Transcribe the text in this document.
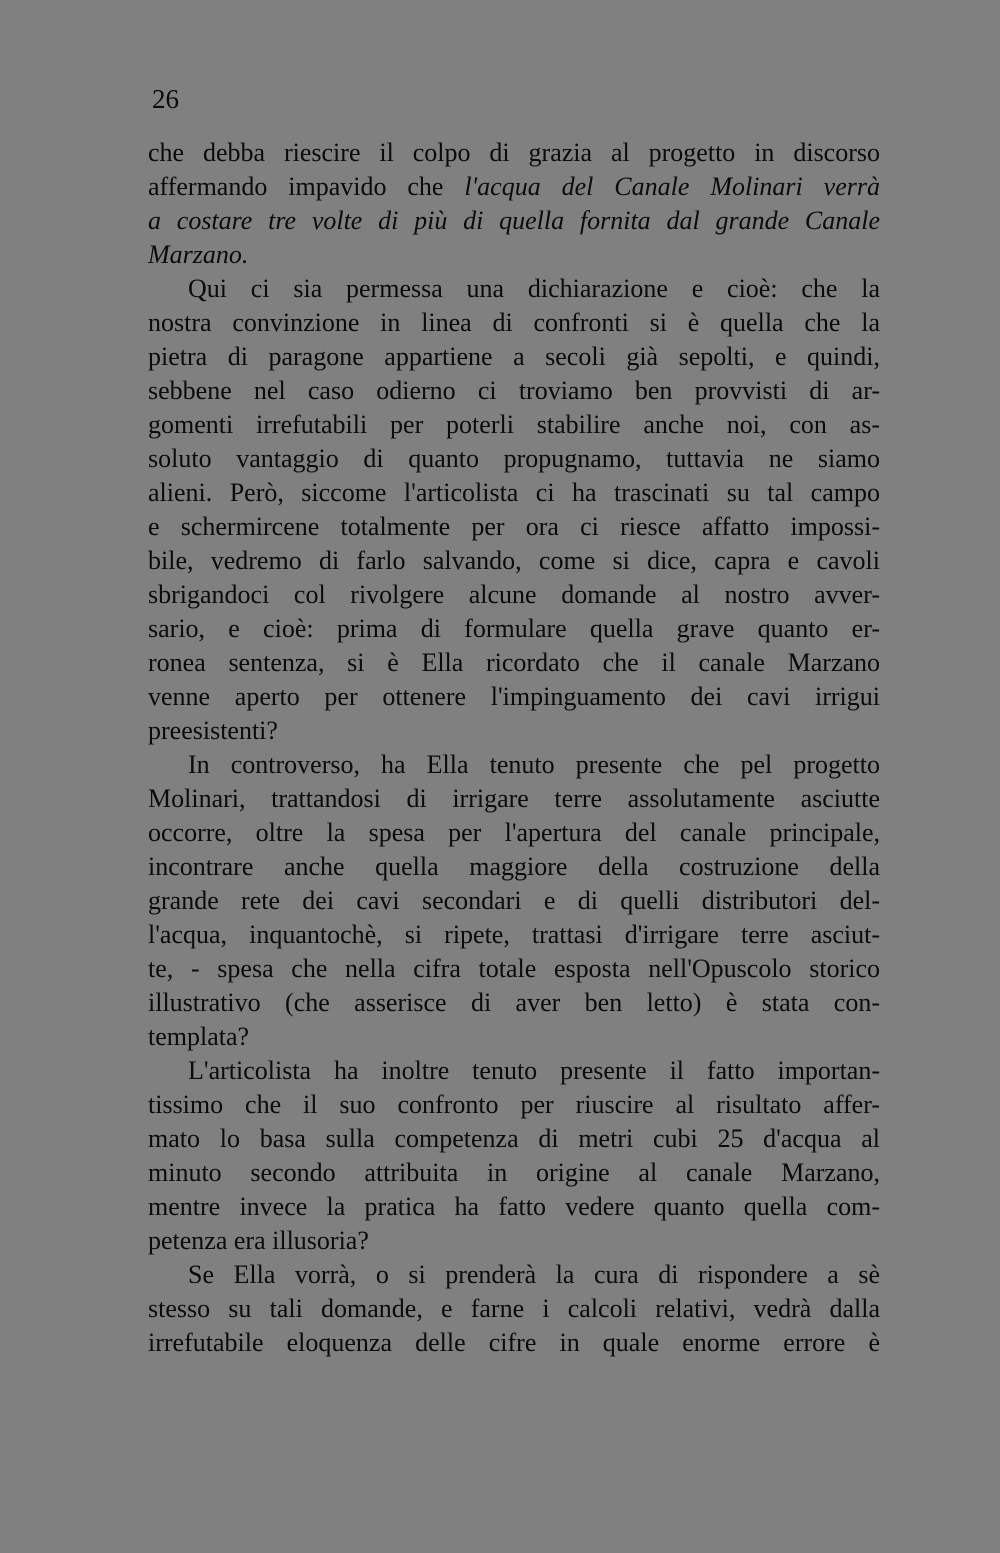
26
che debba riescire il colpo di grazia al progetto in discorso
affermando impavido che l'acqua del Canale Molinari verrà
a costare tre volte di più di quella fornita dal grande Canale
Marzano.
Qui ci sia permessa una dichiarazione e cioè: che la
nostra convinzione in linea di confronti si è quella che la
pietra di paragone appartiene a secoli già sepolti, e quindi,
sebbene nel caso odierno ci troviamo ben provvisti di ar-
gomenti irrefutabili per poterli stabilire anche noi, con as-
soluto vantaggio di quanto propugnamo, tuttavia ne siamo
alieni. Però, siccome l'articolista ci ha trascinati su tal campo
e schermircene totalmente per ora ci riesce affatto impossi-
bile, vedremo di farlo salvando, come si dice, capra e cavoli
sbrigandoci col rivolgere alcune domande al nostro avver-
sario, e cioè: prima di formulare quella grave quanto er-
ronea sentenza, si è Ella ricordato che il canale Marzano
venne aperto per ottenere l'impinguamento dei cavi irrigui
preesistenti?
In controverso, ha Ella tenuto presente che pel progetto
Molinari, trattandosi di irrigare terre assolutamente asciutte
occorre, oltre la spesa per l'apertura del canale principale,
incontrare anche quella maggiore della costruzione della
grande rete dei cavi secondari e di quelli distributori del-
l'acqua, inquantochè, si ripete, trattasi d'irrigare terre asciut-
te, - spesa che nella cifra totale esposta nell'Opuscolo storico
illustrativo (che asserisce di aver ben letto) è stata con-
templata?
L'articolista ha inoltre tenuto presente il fatto importan-
tissimo che il suo confronto per riuscire al risultato affer-
mato lo basa sulla competenza di metri cubi 25 d'acqua al
minuto secondo attribuita in origine al canale Marzano,
mentre invece la pratica ha fatto vedere quanto quella com-
petenza era illusoria?
Se Ella vorrà, o si prenderà la cura di rispondere a sè
stesso su tali domande, e farne i calcoli relativi, vedrà dalla
irrefutabile eloquenza delle cifre in quale enorme errore è
